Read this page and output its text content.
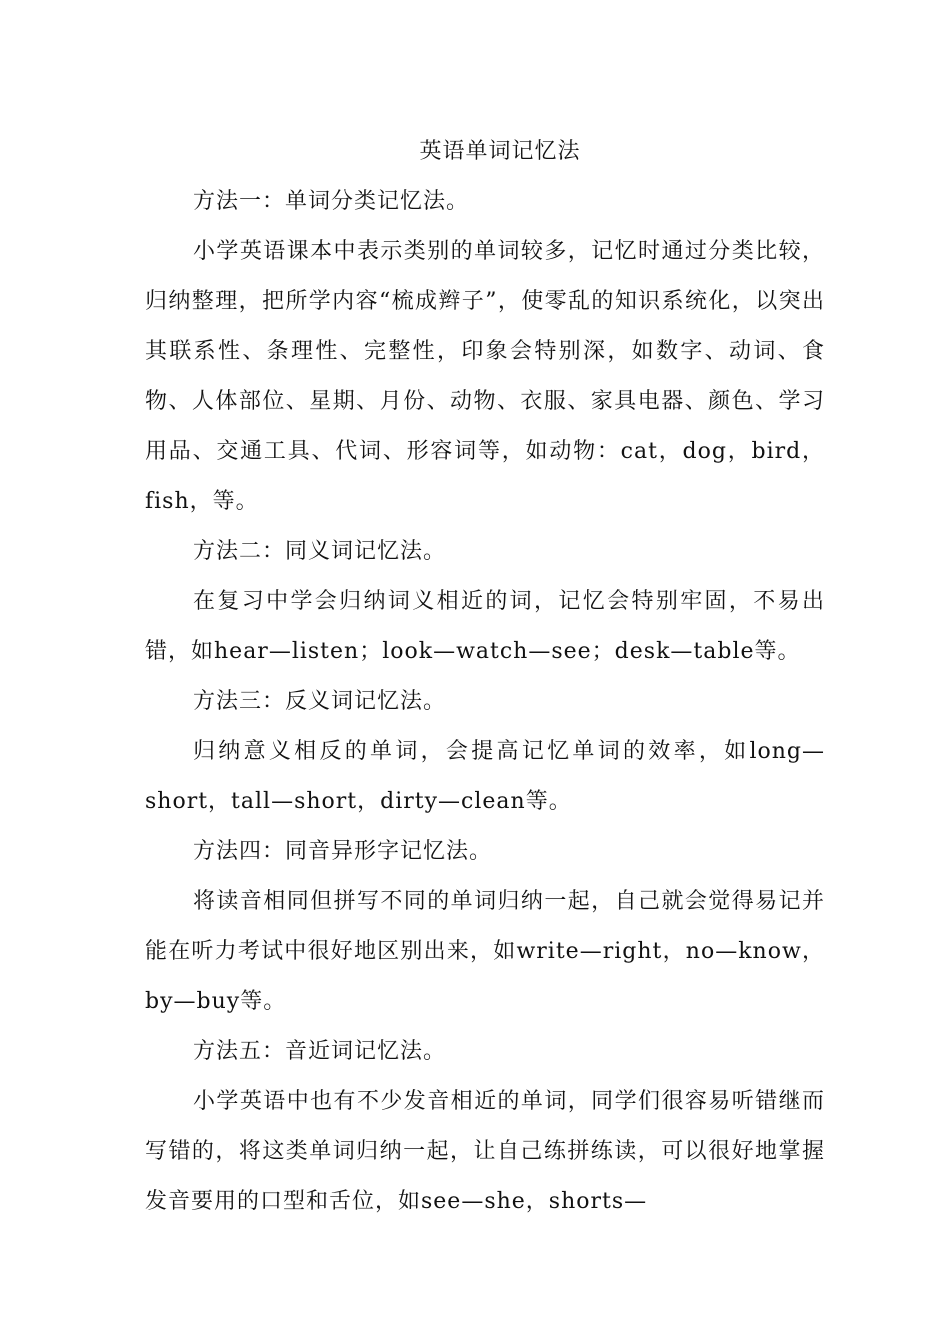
英语单词记忆法

方法一：单词分类记忆法。

小学英语课本中表示类别的单词较多，记忆时通过分类比较，归纳整理，把所学内容“梳成辫子”，使零乱的知识系统化，以突出其联系性、条理性、完整性，印象会特别深，如数字、动词、食物、人体部位、星期、月份、动物、衣服、家具电器、颜色、学习用品、交通工具、代词、形容词等，如动物：cat，dog，bird，fish，等。

方法二：同义词记忆法。

在复习中学会归纳词义相近的词，记忆会特别牢固，不易出错，如hear—listen；look—watch—see；desk—table等。

方法三：反义词记忆法。

归纳意义相反的单词，会提高记忆单词的效率，如long—short，tall—short，dirty—clean等。

方法四：同音异形字记忆法。

将读音相同但拼写不同的单词归纳一起，自己就会觉得易记并能在听力考试中很好地区别出来，如write—right，no—know，by—buy等。

方法五：音近词记忆法。

小学英语中也有不少发音相近的单词，同学们很容易听错继而写错的，将这类单词归纳一起，让自己练拼练读，可以很好地掌握发音要用的口型和舌位，如see—she，shorts—
